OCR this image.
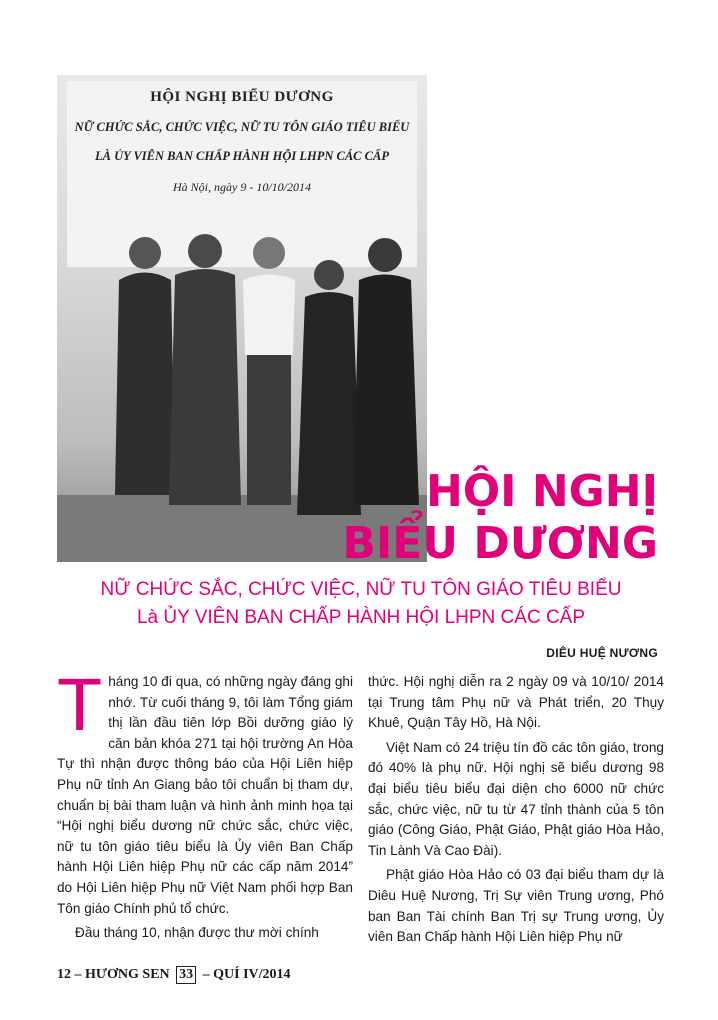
HỘI NGHỊ BIỂU DƯƠNG
NỮ CHỨC SẮC, CHỨC VIỆC, NỮ TU TÔN GIÁO TIÊU BIỂU
LÀ ỦY VIÊN BAN CHẤP HÀNH HỘI LHPN CÁC CẤP
Hà Nội, ngày 9 - 10/10/2014
HỘI NGHỊ
BIỂU DƯƠNG
NỮ CHỨC SẮC, CHỨC VIỆC, NỮ TU TÔN GIÁO TIÊU BIỂU
Là ỦY VIÊN BAN CHẤP HÀNH HỘI LHPN CÁC CẤP
DIÊU HUỆ NƯƠNG

Tháng 10 đi qua, có những ngày đáng ghi nhớ. Từ cuối tháng 9, tôi làm Tổng giám thị lần đầu tiên lớp Bồi dưỡng giáo lý căn bản khóa 271 tại hội trường An Hòa Tự thì nhận được thông báo của Hội Liên hiệp Phụ nữ tỉnh An Giang bảo tôi chuẩn bị tham dự, chuẩn bị bài tham luận và hình ảnh minh họa tại “Hội nghị biểu dương nữ chức sắc, chức việc, nữ tu tôn giáo tiêu biểu là Ủy viên Ban Chấp hành Hội Liên hiệp Phụ nữ các cấp năm 2014” do Hội Liên hiệp Phụ nữ Việt Nam phối hợp Ban Tôn giáo Chính phủ tổ chức.

Đầu tháng 10, nhận được thư mời chính

thức. Hội nghị diễn ra 2 ngày 09 và 10/10/ 2014 tại Trung tâm Phụ nữ và Phát triển, 20 Thụy Khuê, Quận Tây Hồ, Hà Nội.

Việt Nam có 24 triệu tín đồ các tôn giáo, trong đó 40% là phụ nữ. Hội nghị sẽ biểu dương 98 đại biểu tiêu biểu đại diện cho 6000 nữ chức sắc, chức việc, nữ tu từ 47 tỉnh thành của 5 tôn giáo (Công Giáo, Phật Giáo, Phật giáo Hòa Hảo, Tin Lành Và Cao Đài).

Phật giáo Hòa Hảo có 03 đại biểu tham dự là Diêu Huệ Nương, Trị Sự viên Trung ương, Phó ban Ban Tài chính Ban Trị sự Trung ương, Ủy viên Ban Chấp hành Hội Liên hiệp Phụ nữ

12 – HƯƠNG SEN 33 – QUÍ IV/2014
